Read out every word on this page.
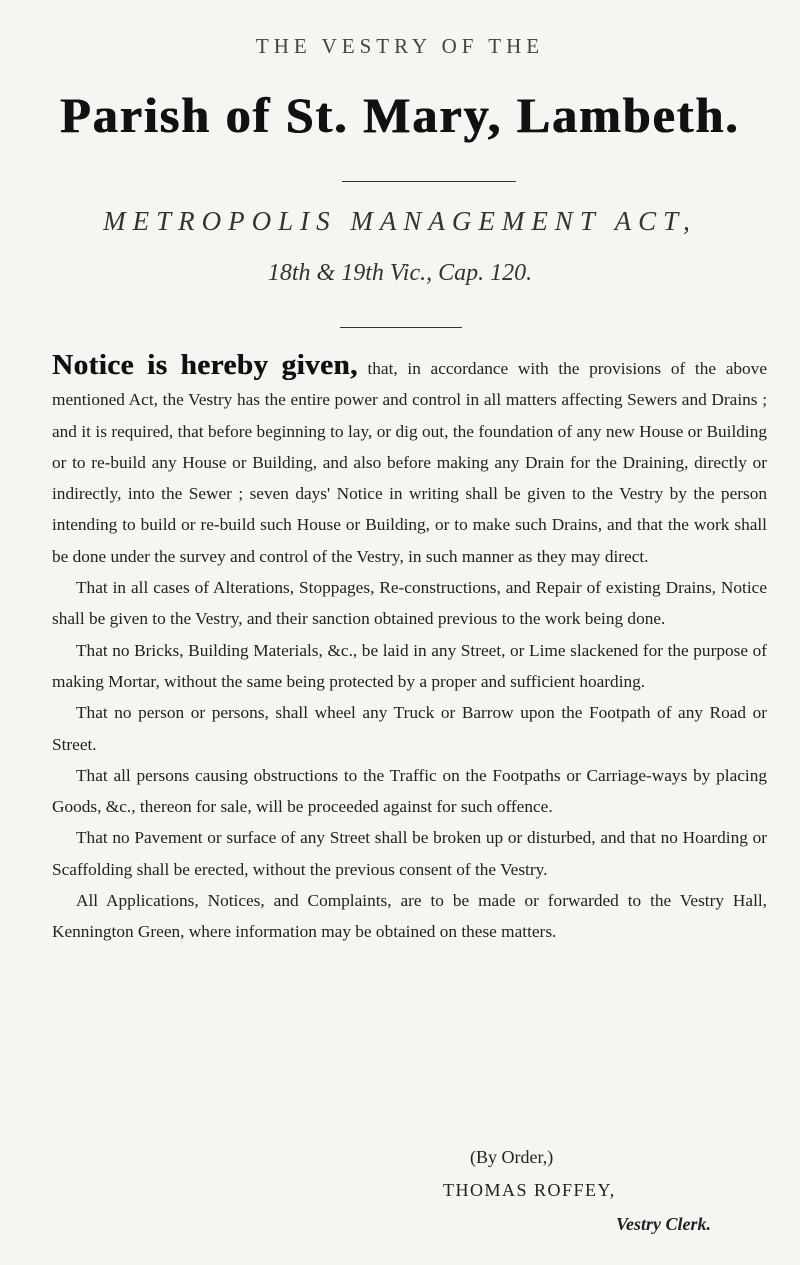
THE VESTRY OF THE
Parish of St. Mary, Lambeth.
METROPOLIS MANAGEMENT ACT,
18th & 19th Vic., Cap. 120.

Notice is hereby given, that, in accordance with the provisions of the above mentioned Act, the Vestry has the entire power and control in all matters affecting Sewers and Drains ; and it is required, that before beginning to lay, or dig out, the foundation of any new House or Building or to re-build any House or Building, and also before making any Drain for the Draining, directly or indirectly, into the Sewer ; seven days' Notice in writing shall be given to the Vestry by the person intending to build or re-build such House or Building, or to make such Drains, and that the work shall be done under the survey and control of the Vestry, in such manner as they may direct.

That in all cases of Alterations, Stoppages, Re-constructions, and Repair of existing Drains, Notice shall be given to the Vestry, and their sanction obtained previous to the work being done.

That no Bricks, Building Materials, &c., be laid in any Street, or Lime slackened for the purpose of making Mortar, without the same being protected by a proper and sufficient hoarding.

That no person or persons, shall wheel any Truck or Barrow upon the Footpath of any Road or Street.

That all persons causing obstructions to the Traffic on the Footpaths or Carriage-ways by placing Goods, &c., thereon for sale, will be proceeded against for such offence.

That no Pavement or surface of any Street shall be broken up or disturbed, and that no Hoarding or Scaffolding shall be erected, without the previous consent of the Vestry.

All Applications, Notices, and Complaints, are to be made or forwarded to the Vestry Hall, Kennington Green, where information may be obtained on these matters.

(By Order,)
THOMAS ROFFEY,
Vestry Clerk.
